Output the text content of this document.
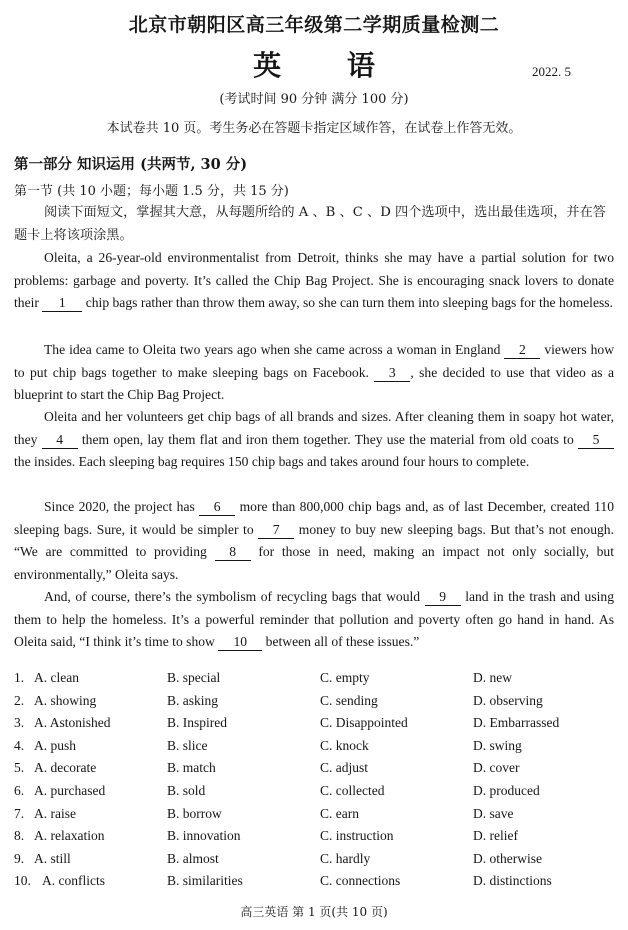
北京市朝阳区高三年级第二学期质量检测二
英 语	2022. 5
(考试时间 90 分钟 满分 100 分)
本试卷共 10 页。考生务必在答题卡指定区域作答，在试卷上作答无效。
第一部分 知识运用 (共两节, 30 分)
第一节 (共 10 小题；每小题 1.5 分，共 15 分)
阅读下面短文，掌握其大意，从每题所给的 A 、B 、C 、D 四个选项中，选出最佳选项，并在答题卡上将该项涂黑。

Oleita, a 26-year-old environmentalist from Detroit, thinks she may have a partial solution for two problems: garbage and poverty. It’s called the Chip Bag Project. She is encouraging snack lovers to donate their 1 chip bags rather than throw them away, so she can turn them into sleeping bags for the homeless.

The idea came to Oleita two years ago when she came across a woman in England 2 viewers how to put chip bags together to make sleeping bags on Facebook. 3 , she decided to use that video as a blueprint to start the Chip Bag Project.

Oleita and her volunteers get chip bags of all brands and sizes. After cleaning them in soapy hot water, they 4 them open, lay them flat and iron them together. They use the material from old coats to 5 the insides. Each sleeping bag requires 150 chip bags and takes around four hours to complete.

Since 2020, the project has 6 more than 800,000 chip bags and, as of last December, created 110 sleeping bags. Sure, it would be simpler to 7 money to buy new sleeping bags. But that’s not enough. “We are committed to providing 8 for those in need, making an impact not only socially, but environmentally,” Oleita says.

And, of course, there’s the symbolism of recycling bags that would 9 land in the trash and using them to help the homeless. It’s a powerful reminder that pollution and poverty often go hand in hand. As Oleita said, “I think it’s time to show 10 between all of these issues.”

1. A. clean	B. special	C. empty	D. new
2. A. showing	B. asking	C. sending	D. observing
3. A. Astonished	B. Inspired	C. Disappointed	D. Embarrassed
4. A. push	B. slice	C. knock	D. swing
5. A. decorate	B. match	C. adjust	D. cover
6. A. purchased	B. sold	C. collected	D. produced
7. A. raise	B. borrow	C. earn	D. save
8. A. relaxation	B. innovation	C. instruction	D. relief
9. A. still	B. almost	C. hardly	D. otherwise
10. A. conflicts	B. similarities	C. connections	D. distinctions
高三英语 第 1 页(共 10 页)
